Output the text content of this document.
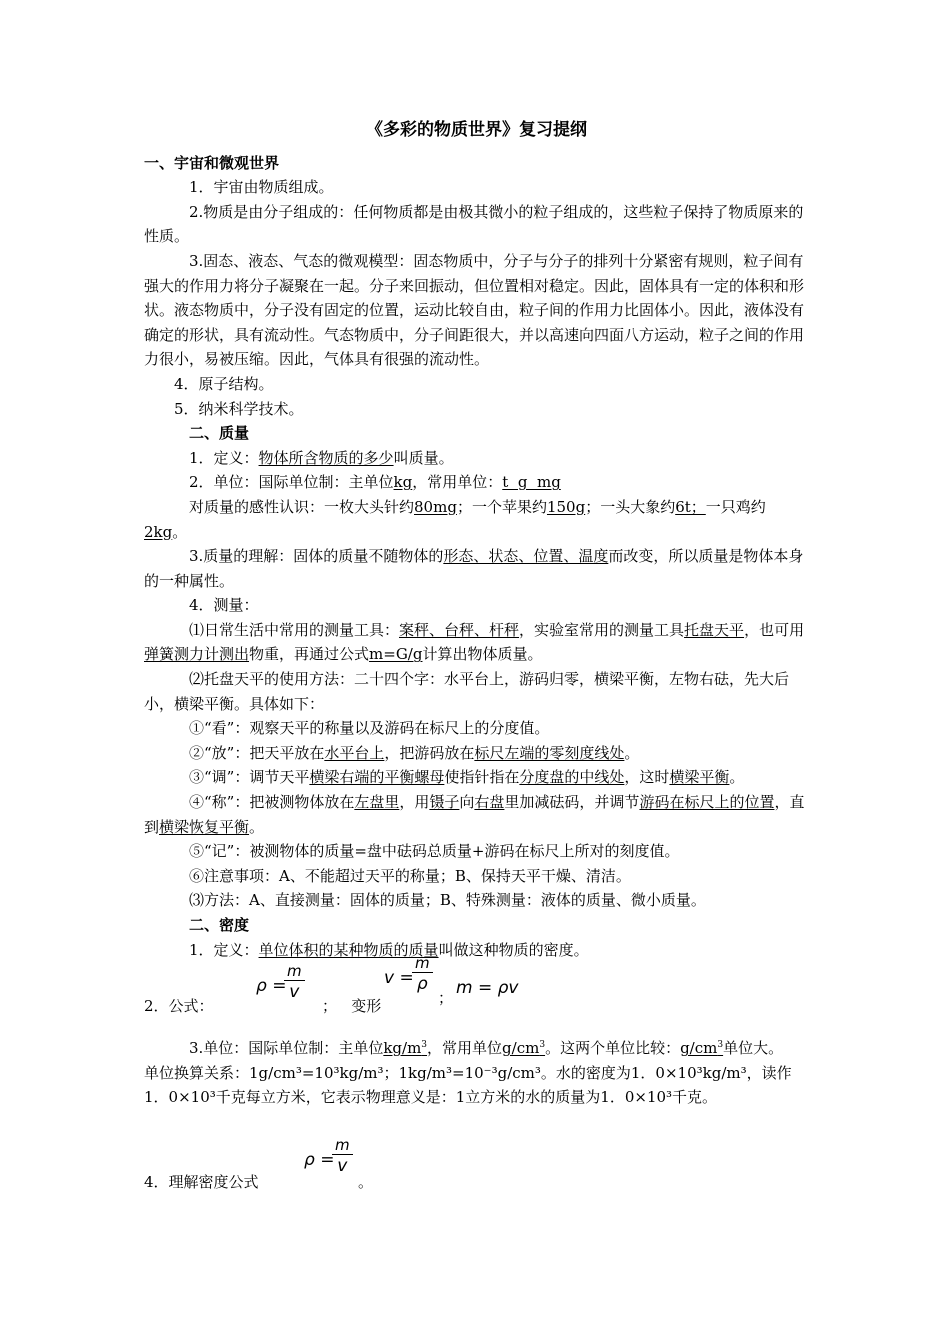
《多彩的物质世界》复习提纲

一、宇宙和微观世界

1．宇宙由物质组成。

2.物质是由分子组成的：任何物质都是由极其微小的粒子组成的，这些粒子保持了物质原来的性质。

3.固态、液态、气态的微观模型：固态物质中，分子与分子的排列十分紧密有规则，粒子间有强大的作用力将分子凝聚在一起。分子来回振动，但位置相对稳定。因此，固体具有一定的体积和形状。液态物质中，分子没有固定的位置，运动比较自由，粒子间的作用力比固体小。因此，液体没有确定的形状，具有流动性。气态物质中，分子间距很大，并以高速向四面八方运动，粒子之间的作用力很小，易被压缩。因此，气体具有很强的流动性。

4．原子结构。

5．纳米科学技术。

二、质量

1．定义：物体所含物质的多少叫质量。

2．单位：国际单位制：主单位kg，常用单位：t  g  mg

对质量的感性认识：一枚大头针约80mg；一个苹果约150g；一头大象约6t；一只鸡约2kg。

3.质量的理解：固体的质量不随物体的形态、状态、位置、温度而改变，所以质量是物体本身的一种属性。

4．测量：

⑴日常生活中常用的测量工具：案秤、台秤、杆秤，实验室常用的测量工具托盘天平，也可用弹簧测力计测出物重，再通过公式m=G/g计算出物体质量。

⑵托盘天平的使用方法：二十四个字：水平台上，游码归零，横梁平衡，左物右砝，先大后小，横梁平衡。具体如下：

①“看”：观察天平的称量以及游码在标尺上的分度值。

②“放”：把天平放在水平台上，把游码放在标尺左端的零刻度线处。

③“调”：调节天平横梁右端的平衡螺母使指针指在分度盘的中线处，这时横梁平衡。

④“称”：把被测物体放在左盘里，用镊子向右盘里加减砝码，并调节游码在标尺上的位置，直到横梁恢复平衡。

⑤“记”：被测物体的质量=盘中砝码总质量+游码在标尺上所对的刻度值。

⑥注意事项：A、不能超过天平的称量；B、保持天平干燥、清洁。

⑶方法：A、直接测量：固体的质量；B、特殊测量：液体的质量、微小质量。

二、密度

1．定义：单位体积的某种物质的质量叫做这种物质的密度。

2．公式：
ρ =
$\frac{m}{v}$
；   变形
v =
$\frac{m}{\rho}$
； m = ρv

3.单位：国际单位制：主单位$kg/m^3$，常用单位$g/cm^3$。这两个单位比较：$g/cm^3$单位大。

单位换算关系：1g/cm³=10³kg/m³；1kg/m³=10⁻³g/cm³。水的密度为1．0×10³kg/m³，读作1．0×10³千克每立方米，它表示物理意义是：1立方米的水的质量为1．0×10³千克。

4．理解密度公式
ρ =
$\frac{m}{v}$
。
